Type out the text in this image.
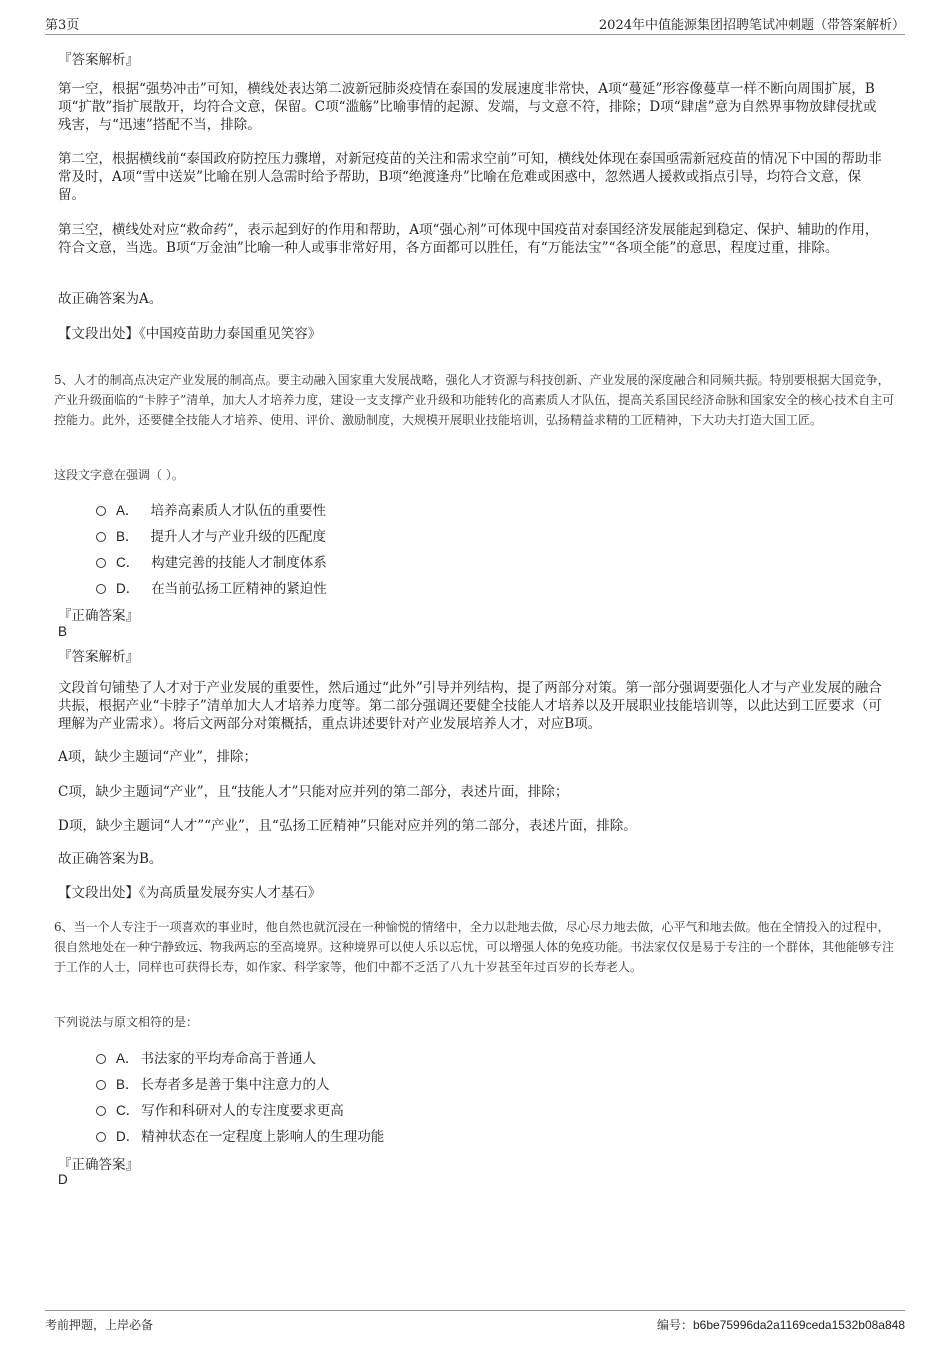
第3页	2024年中值能源集团招聘笔试冲刺题（带答案解析）
『答案解析』
第一空，根据“强势冲击”可知，横线处表达第二波新冠肺炎疫情在泰国的发展速度非常快，A项“蔓延”形容像蔓草一样不断向周围扩展，B项“扩散”指扩展散开，均符合文意，保留。C项“滥觞”比喻事情的起源、发端，与文意不符，排除；D项“肆虐”意为自然界事物放肆侵扰或残害，与“迅速”搭配不当，排除。
第二空，根据横线前“泰国政府防控压力骤增，对新冠疫苗的关注和需求空前”可知，横线处体现在泰国亟需新冠疫苗的情况下中国的帮助非常及时，A项“雪中送炭”比喻在别人急需时给予帮助，B项“绝渡逢舟”比喻在危难或困惑中，忽然遇人援救或指点引导，均符合文意，保留。
第三空，横线处对应“救命药”，表示起到好的作用和帮助，A项“强心剂”可体现中国疫苗对泰国经济发展能起到稳定、保护、辅助的作用，符合文意，当选。B项“万金油”比喻一种人或事非常好用，各方面都可以胜任，有“万能法宝”“各项全能”的意思，程度过重，排除。
故正确答案为A。
【文段出处】《中国疫苗助力泰国重见笑容》
5、人才的制高点决定产业发展的制高点。要主动融入国家重大发展战略，强化人才资源与科技创新、产业发展的深度融合和同频共振。特别要根据大国竞争，产业升级面临的“卡脖子”清单，加大人才培养力度，建设一支支撑产业升级和功能转化的高素质人才队伍，提高关系国民经济命脉和国家安全的核心技术自主可控能力。此外，还要健全技能人才培养、使用、评价、激励制度，大规模开展职业技能培训，弘扬精益求精的工匠精神，下大功夫打造大国工匠。
这段文字意在强调（ ）。
A． 培养高素质人才队伍的重要性
B． 提升人才与产业升级的匹配度
C． 构建完善的技能人才制度体系
D． 在当前弘扬工匠精神的紧迫性
『正确答案』
B
『答案解析』
文段首句铺垫了人才对于产业发展的重要性，然后通过“此外”引导并列结构，提了两部分对策。第一部分强调要强化人才与产业发展的融合共振，根据产业“卡脖子”清单加大人才培养力度等。第二部分强调还要健全技能人才培养以及开展职业技能培训等，以此达到工匠要求（可理解为产业需求）。将后文两部分对策概括，重点讲述要针对产业发展培养人才，对应B项。
A项，缺少主题词“产业”，排除；
C项，缺少主题词“产业”，且“技能人才”只能对应并列的第二部分，表述片面，排除；
D项，缺少主题词“人才”“产业”，且“弘扬工匠精神”只能对应并列的第二部分，表述片面，排除。
故正确答案为B。
【文段出处】《为高质量发展夯实人才基石》
6、当一个人专注于一项喜欢的事业时，他自然也就沉浸在一种愉悦的情绪中，全力以赴地去做，尽心尽力地去做，心平气和地去做。他在全情投入的过程中，很自然地处在一种宁静致远、物我两忘的至高境界。这种境界可以使人乐以忘忧，可以增强人体的免疫功能。书法家仅仅是易于专注的一个群体，其他能够专注于工作的人士，同样也可获得长寿，如作家、科学家等，他们中都不乏活了八九十岁甚至年过百岁的长寿老人。
下列说法与原文相符的是：
A． 书法家的平均寿命高于普通人
B． 长寿者多是善于集中注意力的人
C． 写作和科研对人的专注度要求更高
D． 精神状态在一定程度上影响人的生理功能
『正确答案』
D
考前押题，上岸必备	编号：b6be75996da2a1169ceda1532b08a848
